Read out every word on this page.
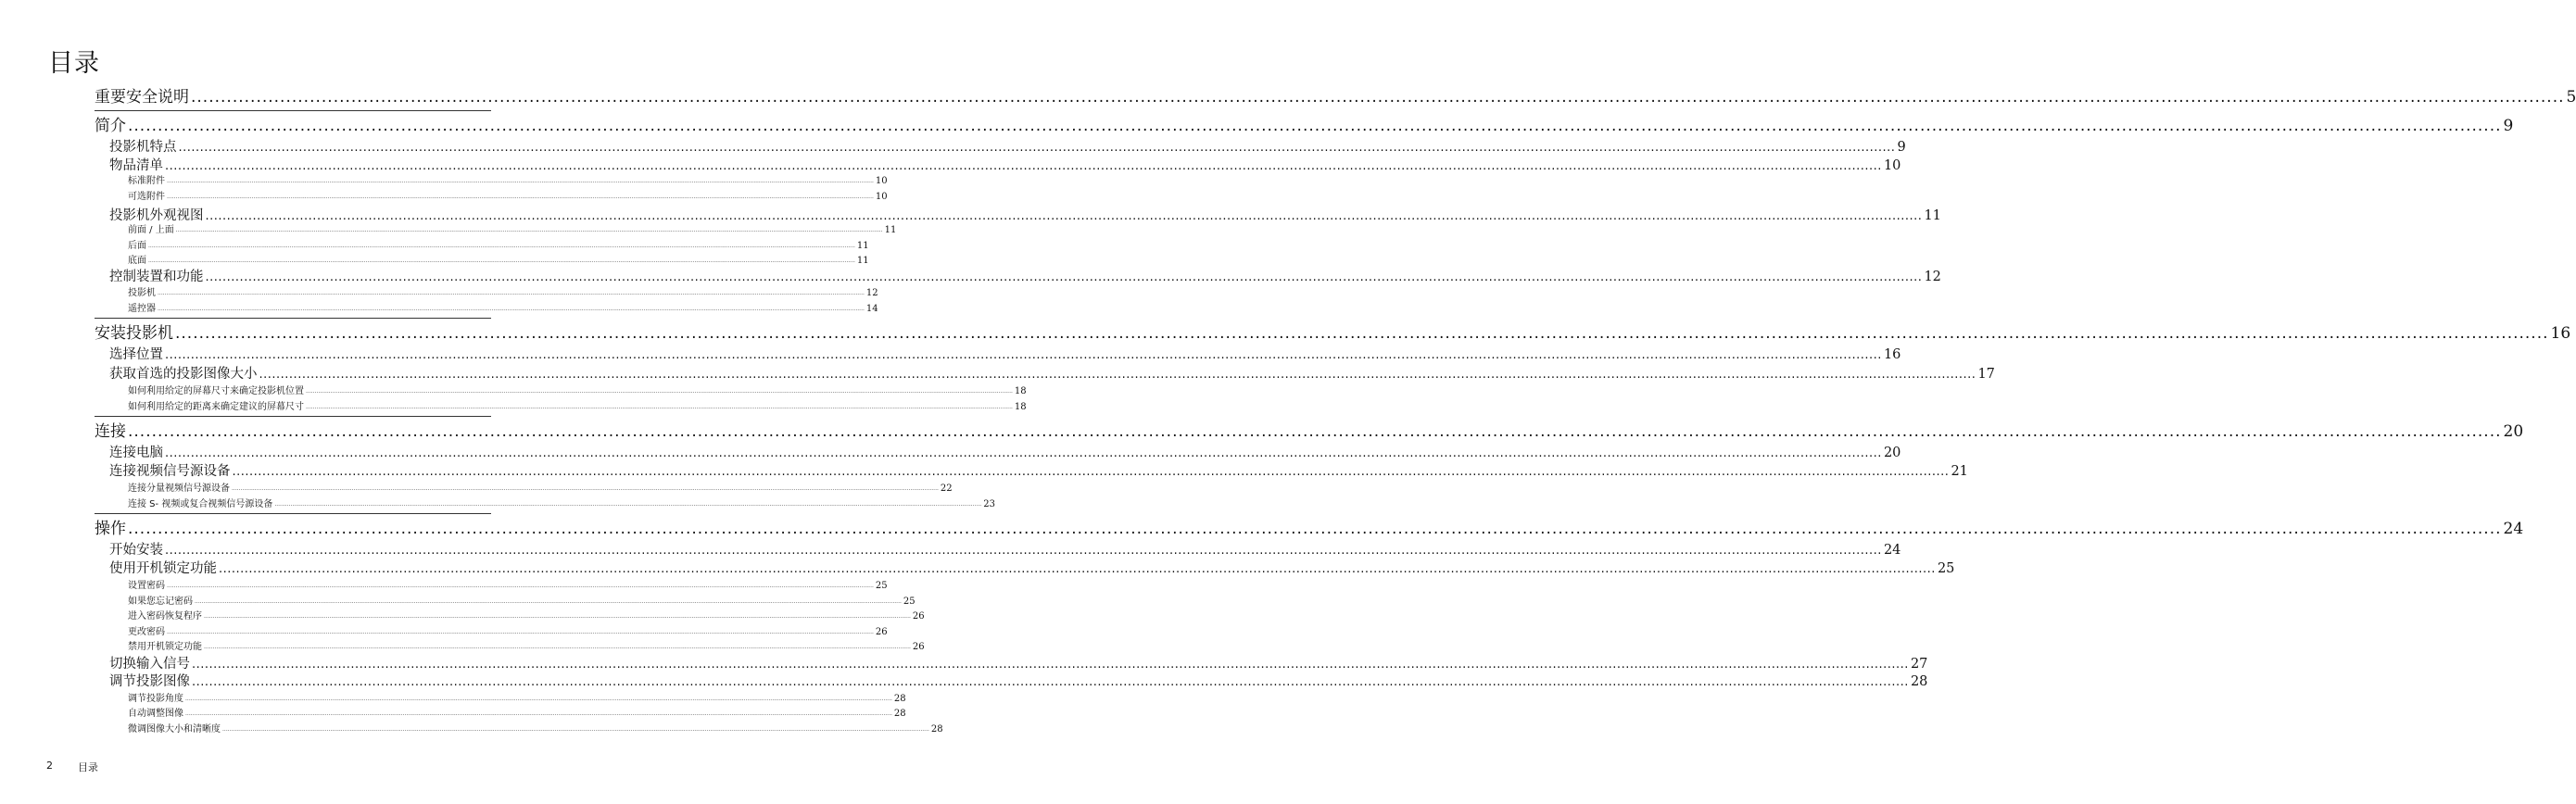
目录
重要安全说明 ................................................................................................................................................................................................................................................................................................................................................................................................................ 5
简介 ................................................................................................................................................................................................................................................................................................................................................................................................................ 9
投影机特点 ................................................................................................................................................................................................................................................................................................................................................................................................................ 9
物品清单 ................................................................................................................................................................................................................................................................................................................................................................................................................ 10
标准附件 ................................................................................................................................................................................................................................................................................................................................................................................................................ 10
可选附件 ................................................................................................................................................................................................................................................................................................................................................................................................................ 10
投影机外观视图 ................................................................................................................................................................................................................................................................................................................................................................................................................ 11
前面 / 上面 ................................................................................................................................................................................................................................................................................................................................................................................................................ 11
后面 ................................................................................................................................................................................................................................................................................................................................................................................................................ 11
底面 ................................................................................................................................................................................................................................................................................................................................................................................................................ 11
控制装置和功能 ................................................................................................................................................................................................................................................................................................................................................................................................................ 12
投影机 ................................................................................................................................................................................................................................................................................................................................................................................................................ 12
遥控器 ................................................................................................................................................................................................................................................................................................................................................................................................................ 14
安装投影机 ................................................................................................................................................................................................................................................................................................................................................................................................................ 16
选择位置 ................................................................................................................................................................................................................................................................................................................................................................................................................ 16
获取首选的投影图像大小 ................................................................................................................................................................................................................................................................................................................................................................................................................ 17
如何利用给定的屏幕尺寸来确定投影机位置 ................................................................................................................................................................................................................................................................................................................................................................................................................ 18
如何利用给定的距离来确定建议的屏幕尺寸 ................................................................................................................................................................................................................................................................................................................................................................................................................ 18
连接 ................................................................................................................................................................................................................................................................................................................................................................................................................ 20
连接电脑 ................................................................................................................................................................................................................................................................................................................................................................................................................ 20
连接视频信号源设备 ................................................................................................................................................................................................................................................................................................................................................................................................................ 21
连接分量视频信号源设备 ................................................................................................................................................................................................................................................................................................................................................................................................................ 22
连接 S- 视频或复合视频信号源设备 ................................................................................................................................................................................................................................................................................................................................................................................................................ 23
操作 ................................................................................................................................................................................................................................................................................................................................................................................................................ 24
开始安装 ................................................................................................................................................................................................................................................................................................................................................................................................................ 24
使用开机锁定功能 ................................................................................................................................................................................................................................................................................................................................................................................................................ 25
设置密码 ................................................................................................................................................................................................................................................................................................................................................................................................................ 25
如果您忘记密码 ................................................................................................................................................................................................................................................................................................................................................................................................................ 25
进入密码恢复程序 ................................................................................................................................................................................................................................................................................................................................................................................................................ 26
更改密码 ................................................................................................................................................................................................................................................................................................................................................................................................................ 26
禁用开机锁定功能 ................................................................................................................................................................................................................................................................................................................................................................................................................ 26
切换输入信号 ................................................................................................................................................................................................................................................................................................................................................................................................................ 27
调节投影图像 ................................................................................................................................................................................................................................................................................................................................................................................................................ 28
调节投影角度 ................................................................................................................................................................................................................................................................................................................................................................................................................ 28
自动调整图像 ................................................................................................................................................................................................................................................................................................................................................................................................................ 28
微调图像大小和清晰度 ................................................................................................................................................................................................................................................................................................................................................................................................................ 28
2 目录
